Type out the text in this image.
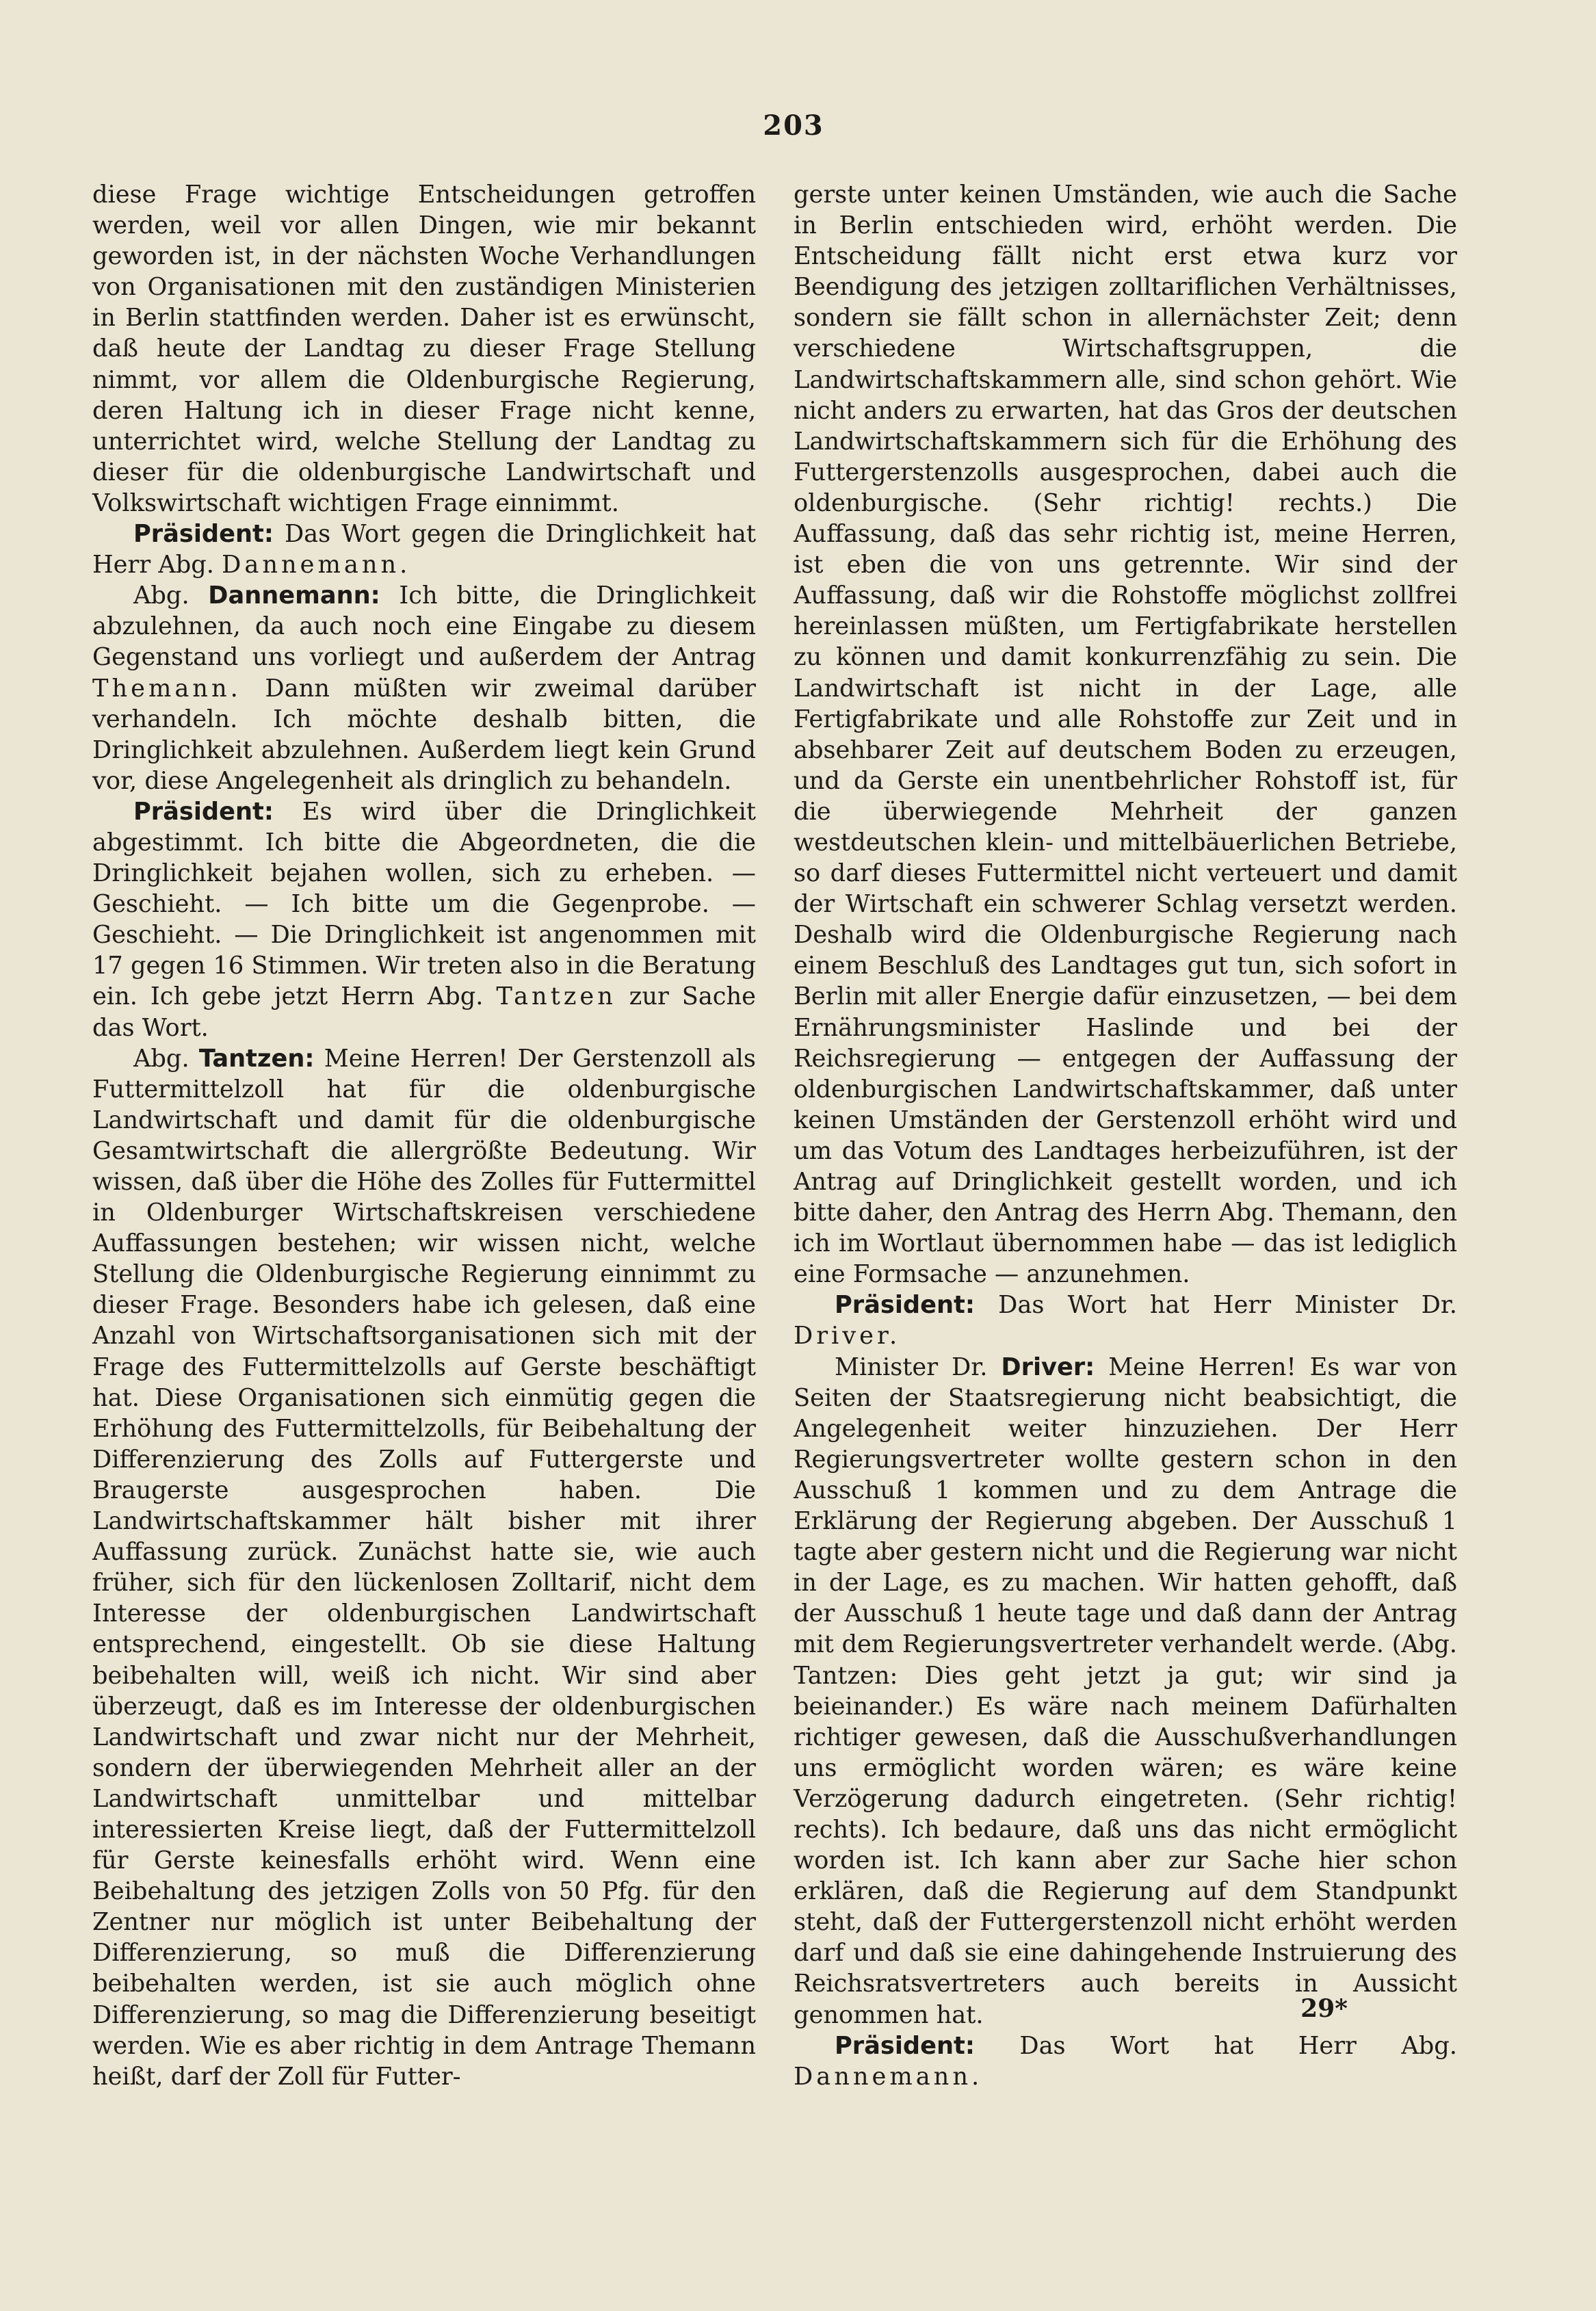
203

diese Frage wichtige Entscheidungen getroffen werden, weil vor allen Dingen, wie mir bekannt geworden ist, in der nächsten Woche Verhandlungen von Organisationen mit den zuständigen Ministerien in Berlin stattfinden werden. Daher ist es erwünscht, daß heute der Landtag zu dieser Frage Stellung nimmt, vor allem die Oldenburgische Regierung, deren Haltung ich in dieser Frage nicht kenne, unterrichtet wird, welche Stellung der Landtag zu dieser für die oldenburgische Landwirtschaft und Volkswirtschaft wichtigen Frage einnimmt.

Präsident: Das Wort gegen die Dringlichkeit hat Herr Abg. Dannemann.

Abg. Dannemann: Ich bitte, die Dringlichkeit abzulehnen, da auch noch eine Eingabe zu diesem Gegenstand uns vorliegt und außerdem der Antrag Themann. Dann müßten wir zweimal darüber verhandeln. Ich möchte deshalb bitten, die Dringlichkeit abzulehnen. Außerdem liegt kein Grund vor, diese Angelegenheit als dringlich zu behandeln.

Präsident: Es wird über die Dringlichkeit abgestimmt. Ich bitte die Abgeordneten, die die Dringlichkeit bejahen wollen, sich zu erheben. — Geschieht. — Ich bitte um die Gegenprobe. — Geschieht. — Die Dringlichkeit ist angenommen mit 17 gegen 16 Stimmen. Wir treten also in die Beratung ein. Ich gebe jetzt Herrn Abg. Tantzen zur Sache das Wort.

Abg. Tantzen: Meine Herren! Der Gerstenzoll als Futtermittelzoll hat für die oldenburgische Landwirtschaft und damit für die oldenburgische Gesamtwirtschaft die allergrößte Bedeutung. Wir wissen, daß über die Höhe des Zolles für Futtermittel in Oldenburger Wirtschaftskreisen verschiedene Auffassungen bestehen; wir wissen nicht, welche Stellung die Oldenburgische Regierung einnimmt zu dieser Frage. Besonders habe ich gelesen, daß eine Anzahl von Wirtschaftsorganisationen sich mit der Frage des Futtermittelzolls auf Gerste beschäftigt hat. Diese Organisationen sich einmütig gegen die Erhöhung des Futtermittelzolls, für Beibehaltung der Differenzierung des Zolls auf Futtergerste und Braugerste ausgesprochen haben. Die Landwirtschaftskammer hält bisher mit ihrer Auffassung zurück. Zunächst hatte sie, wie auch früher, sich für den lückenlosen Zolltarif, nicht dem Interesse der oldenburgischen Landwirtschaft entsprechend, eingestellt. Ob sie diese Haltung beibehalten will, weiß ich nicht. Wir sind aber überzeugt, daß es im Interesse der oldenburgischen Landwirtschaft und zwar nicht nur der Mehrheit, sondern der überwiegenden Mehrheit aller an der Landwirtschaft unmittelbar und mittelbar interessierten Kreise liegt, daß der Futtermittelzoll für Gerste keinesfalls erhöht wird. Wenn eine Beibehaltung des jetzigen Zolls von 50 Pfg. für den Zentner nur möglich ist unter Beibehaltung der Differenzierung, so muß die Differenzierung beibehalten werden, ist sie auch möglich ohne Differenzierung, so mag die Differenzierung beseitigt werden. Wie es aber richtig in dem Antrage Themann heißt, darf der Zoll für Futter-

gerste unter keinen Umständen, wie auch die Sache in Berlin entschieden wird, erhöht werden. Die Entscheidung fällt nicht erst etwa kurz vor Beendigung des jetzigen zolltariflichen Verhältnisses, sondern sie fällt schon in allernächster Zeit; denn verschiedene Wirtschaftsgruppen, die Landwirtschaftskammern alle, sind schon gehört. Wie nicht anders zu erwarten, hat das Gros der deutschen Landwirtschaftskammern sich für die Erhöhung des Futtergerstenzolls ausgesprochen, dabei auch die oldenburgische. (Sehr richtig! rechts.) Die Auffassung, daß das sehr richtig ist, meine Herren, ist eben die von uns getrennte. Wir sind der Auffassung, daß wir die Rohstoffe möglichst zollfrei hereinlassen müßten, um Fertigfabrikate herstellen zu können und damit konkurrenzfähig zu sein. Die Landwirtschaft ist nicht in der Lage, alle Fertigfabrikate und alle Rohstoffe zur Zeit und in absehbarer Zeit auf deutschem Boden zu erzeugen, und da Gerste ein unentbehrlicher Rohstoff ist, für die überwiegende Mehrheit der ganzen westdeutschen klein- und mittelbäuerlichen Betriebe, so darf dieses Futtermittel nicht verteuert und damit der Wirtschaft ein schwerer Schlag versetzt werden. Deshalb wird die Oldenburgische Regierung nach einem Beschluß des Landtages gut tun, sich sofort in Berlin mit aller Energie dafür einzusetzen, — bei dem Ernährungsminister Haslinde und bei der Reichsregierung — entgegen der Auffassung der oldenburgischen Landwirtschaftskammer, daß unter keinen Umständen der Gerstenzoll erhöht wird und um das Votum des Landtages herbeizuführen, ist der Antrag auf Dringlichkeit gestellt worden, und ich bitte daher, den Antrag des Herrn Abg. Themann, den ich im Wortlaut übernommen habe — das ist lediglich eine Formsache — anzunehmen.

Präsident: Das Wort hat Herr Minister Dr. Driver.

Minister Dr. Driver: Meine Herren! Es war von Seiten der Staatsregierung nicht beabsichtigt, die Angelegenheit weiter hinzuziehen. Der Herr Regierungsvertreter wollte gestern schon in den Ausschuß 1 kommen und zu dem Antrage die Erklärung der Regierung abgeben. Der Ausschuß 1 tagte aber gestern nicht und die Regierung war nicht in der Lage, es zu machen. Wir hatten gehofft, daß der Ausschuß 1 heute tage und daß dann der Antrag mit dem Regierungsvertreter verhandelt werde. (Abg. Tantzen: Dies geht jetzt ja gut; wir sind ja beieinander.) Es wäre nach meinem Dafürhalten richtiger gewesen, daß die Ausschußverhandlungen uns ermöglicht worden wären; es wäre keine Verzögerung dadurch eingetreten. (Sehr richtig! rechts). Ich bedaure, daß uns das nicht ermöglicht worden ist. Ich kann aber zur Sache hier schon erklären, daß die Regierung auf dem Standpunkt steht, daß der Futtergerstenzoll nicht erhöht werden darf und daß sie eine dahingehende Instruierung des Reichsratsvertreters auch bereits in Aussicht genommen hat.

Präsident: Das Wort hat Herr Abg. Dannemann.

29*
